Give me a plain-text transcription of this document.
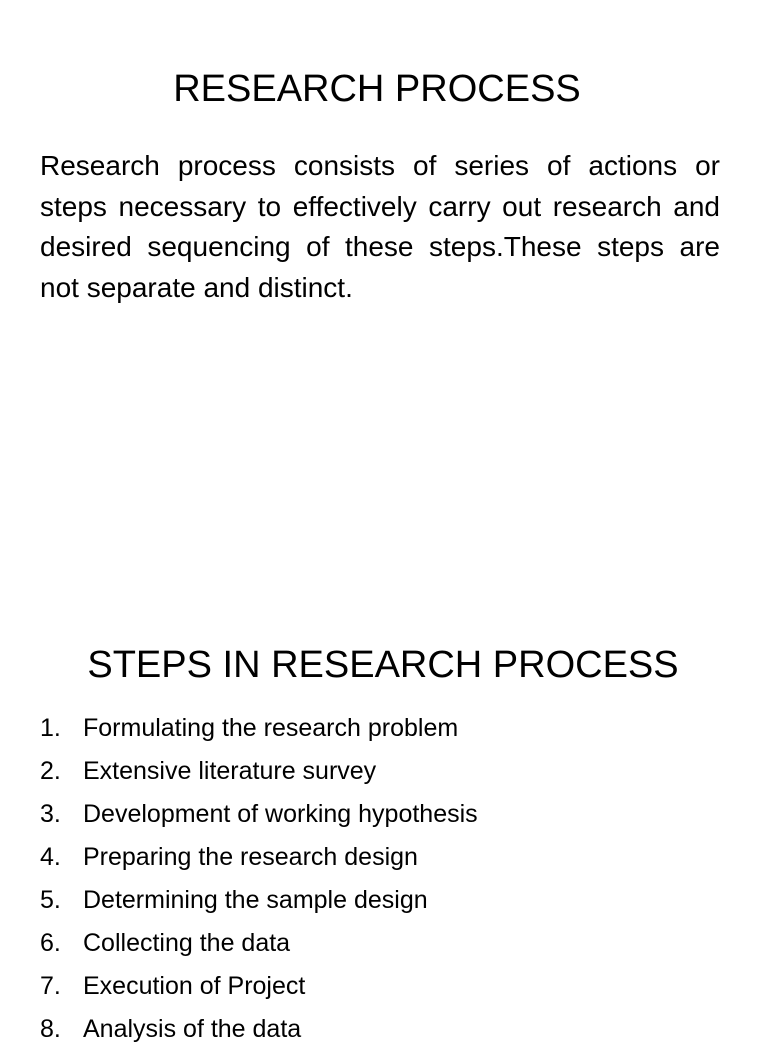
RESEARCH PROCESS

Research process consists of series of actions or steps necessary to effectively carry out research and desired sequencing of these steps.These steps are not separate and distinct.

STEPS IN RESEARCH PROCESS
1. Formulating the research problem
2. Extensive literature survey
3. Development of working hypothesis
4. Preparing the research design
5. Determining the sample design
6. Collecting the data
7. Execution of Project
8. Analysis of the data
